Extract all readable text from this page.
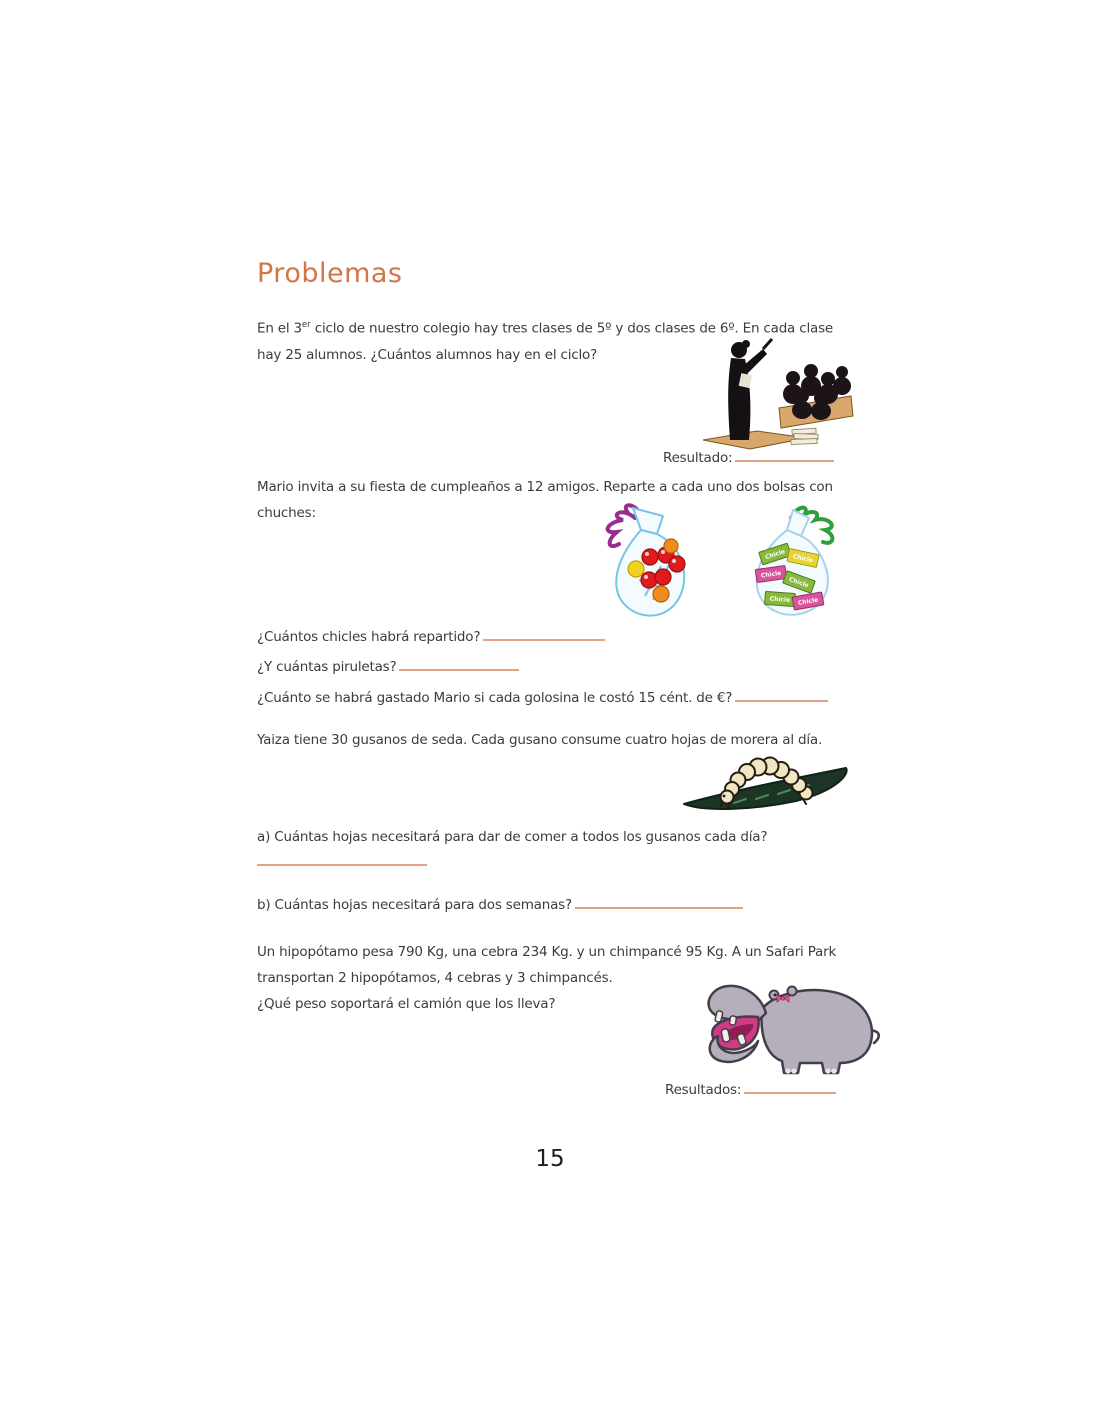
Problemas
En el 3er ciclo de nuestro colegio hay tres clases de 5º y dos clases de 6º. En cada clase
hay 25 alumnos. ¿Cuántos alumnos hay en el ciclo?
Resultado:
Mario invita a su fiesta de cumpleaños a 12 amigos. Reparte a cada uno dos bolsas con
chuches:
Chicle Chicle
Chicle
Chicle
Chicle Chicle
¿Cuántos chicles habrá repartido?
¿Y cuántas piruletas?
¿Cuánto se habrá gastado Mario si cada golosina le costó 15 cént. de €?
Yaiza tiene 30 gusanos de seda. Cada gusano consume cuatro hojas de morera al día.
a) Cuántas hojas necesitará para dar de comer a todos los gusanos cada día?
b) Cuántas hojas necesitará para dos semanas?
Un hipopótamo pesa 790 Kg, una cebra 234 Kg. y un chimpancé 95 Kg. A un Safari Park
transportan 2 hipopótamos, 4 cebras y 3 chimpancés.
¿Qué peso soportará el camión que los lleva?
Resultados:
15
